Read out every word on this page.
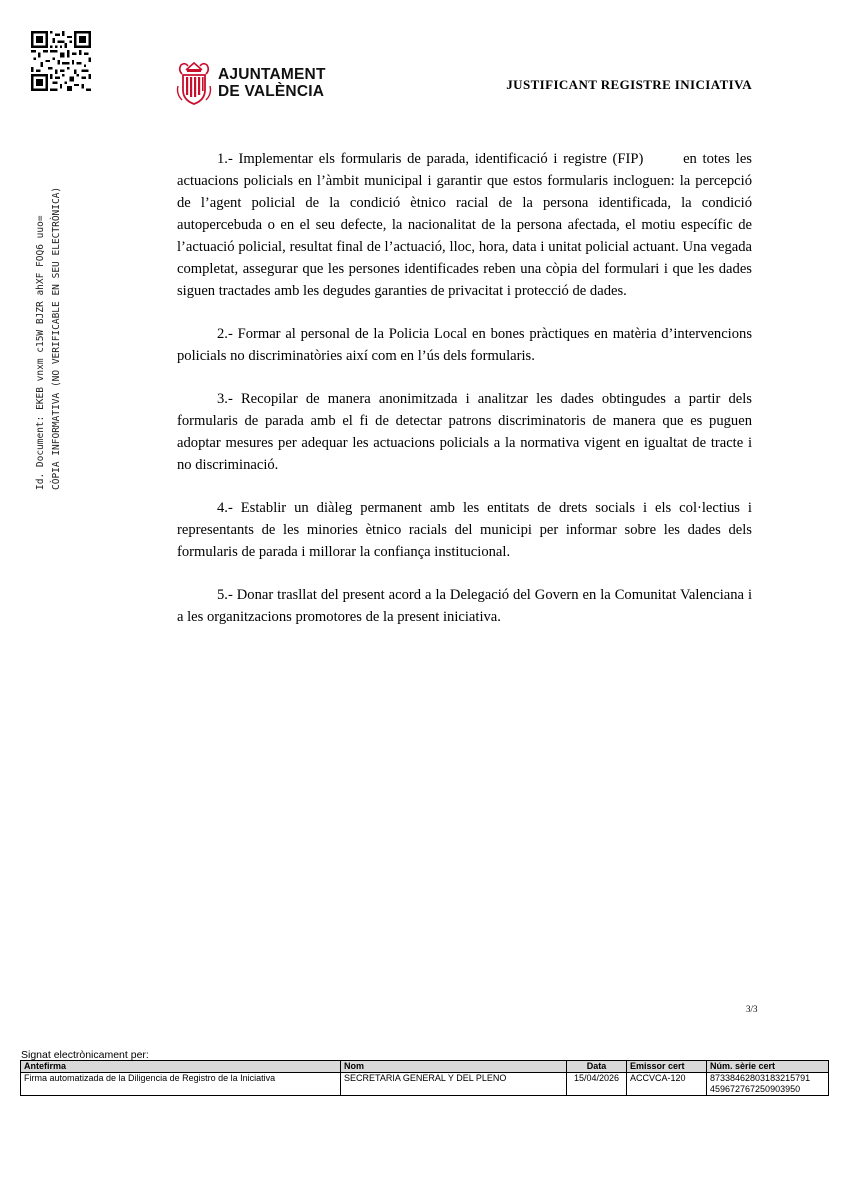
AJUNTAMENT
DE VALÈNCIA	JUSTIFICANT REGISTRE INICIATIVA
Id. Document: EKEB vnxm c15W BJZR ahXF FOQ6 uuo= CÒPIA INFORMATIVA (NO VERIFICABLE EN SEU ELECTRÒNICA)

1.- Implementar els formularis de parada, identificació i registre (FIP)       en totes les actuacions policials en l’àmbit municipal i garantir que estos formularis incloguen: la percepció de l’agent policial de la condició ètnico racial de la persona identificada, la condició autopercebuda o en el seu defecte, la nacionalitat de la persona afectada, el motiu específic de l’actuació policial, resultat final de l’actuació, lloc, hora, data i unitat policial actuant. Una vegada completat, assegurar que les persones identificades reben una còpia del formulari i que les dades siguen tractades amb les degudes garanties de privacitat i protecció de dades.

2.- Formar al personal de la Policia Local en bones pràctiques en matèria d’intervencions policials no discriminatòries així com en l’ús dels formularis.

3.- Recopilar de manera anonimitzada i analitzar les dades obtingudes a partir dels formularis de parada amb el fi de detectar patrons discriminatoris de manera que es puguen adoptar mesures per adequar les actuacions policials a la normativa vigent en igualtat de tracte i no discriminació.

4.- Establir un diàleg permanent amb les entitats de drets socials i els col·lectius i representants de les minories ètnico racials del municipi per informar sobre les dades dels formularis de parada i millorar la confiança institucional.

5.- Donar trasllat del present acord a la Delegació del Govern en la Comunitat Valenciana i a les organitzacions promotores de la present iniciativa.

3/3
Signat electrònicament per:
Antefirma	Nom	Data	Emissor cert	Núm. sèrie cert
Firma automatizada de la Diligencia de Registro de la Iniciativa	SECRETARIA GENERAL Y DEL PLENO	15/04/2026	ACCVCA-120	87338462803183215791
459672767250903950
